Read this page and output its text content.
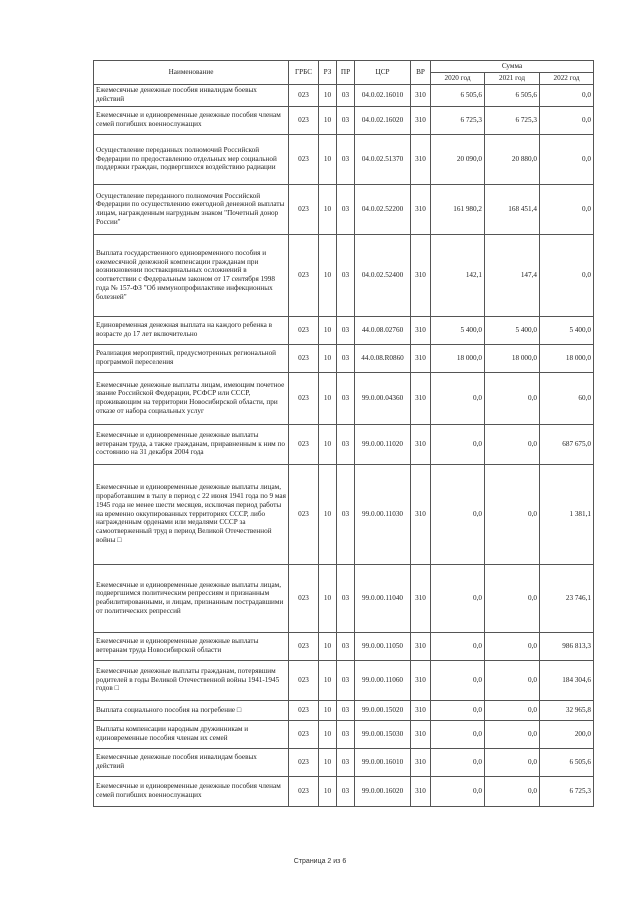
Наименование	ГРБС	РЗ	ПР	ЦСР	ВР	Сумма		
						2020 год	2021 год	2022 год
Ежемесячные денежные пособия инвалидам боевых действий	023	10	03	04.0.02.16010	310	6 505,6	6 505,6	0,0
Ежемесячные и единовременные денежные пособия членам семей погибших военнослужащих	023	10	03	04.0.02.16020	310	6 725,3	6 725,3	0,0
Осуществление переданных полномочий Российской Федерации по предоставлению отдельных мер социальной поддержки граждан, подвергшихся воздействию радиации	023	10	03	04.0.02.51370	310	20 090,0	20 880,0	0,0
Осуществление переданного полномочия Российской Федерации по осуществлению ежегодной денежной выплаты лицам, награжденным нагрудным знаком "Почетный донор России"	023	10	03	04.0.02.52200	310	161 980,2	168 451,4	0,0
Выплата государственного единовременного пособия и ежемесячной денежной компенсации гражданам при возникновении поствакцинальных осложнений в соответствии с Федеральным законом от 17 сентября 1998 года № 157-ФЗ "Об иммунопрофилактике инфекционных болезней"	023	10	03	04.0.02.52400	310	142,1	147,4	0,0
Единовременная денежная выплата на каждого ребенка в возрасте до 17 лет включительно	023	10	03	44.0.08.02760	310	5 400,0	5 400,0	5 400,0
Реализация мероприятий, предусмотренных региональной программой переселения	023	10	03	44.0.08.R0860	310	18 000,0	18 000,0	18 000,0
Ежемесячные денежные выплаты лицам, имеющим почетное звание Российской Федерации, РСФСР или СССР, проживающим на территории Новосибирской области, при отказе от набора социальных услуг	023	10	03	99.0.00.04360	310	0,0	0,0	60,0
Ежемесячные и единовременные денежные выплаты ветеранам труда, а также гражданам, приравненным к ним по состоянию на 31 декабря 2004 года	023	10	03	99.0.00.11020	310	0,0	0,0	687 675,0
Ежемесячные и единовременные денежные выплаты лицам, проработавшим в тылу в период с 22 июня 1941 года по 9 мая 1945 года не менее шести месяцев, исключая период работы на временно оккупированных территориях СССР, либо награжденным орденами или медалями СССР за самоотверженный труд в период Великой Отечественной войны □	023	10	03	99.0.00.11030	310	0,0	0,0	1 381,1
Ежемесячные и единовременные денежные выплаты лицам, подвергшимся политическим репрессиям и признанным реабилитированными, и лицам, признанным пострадавшими от политических репрессий	023	10	03	99.0.00.11040	310	0,0	0,0	23 746,1
Ежемесячные и единовременные денежные выплаты ветеранам труда Новосибирской области	023	10	03	99.0.00.11050	310	0,0	0,0	986 813,3
Ежемесячные денежные выплаты гражданам, потерявшим родителей в годы Великой Отечественной войны 1941-1945 годов □	023	10	03	99.0.00.11060	310	0,0	0,0	184 304,6
Выплата социального пособия на погребение □	023	10	03	99.0.00.15020	310	0,0	0,0	32 965,8
Выплаты компенсации народным дружинникам и единовременные пособия членам их семей	023	10	03	99.0.00.15030	310	0,0	0,0	200,0
Ежемесячные денежные пособия инвалидам боевых действий	023	10	03	99.0.00.16010	310	0,0	0,0	6 505,6
Ежемесячные и единовременные денежные пособия членам семей погибших военнослужащих	023	10	03	99.0.00.16020	310	0,0	0,0	6 725,3
Страница 2 из 6
